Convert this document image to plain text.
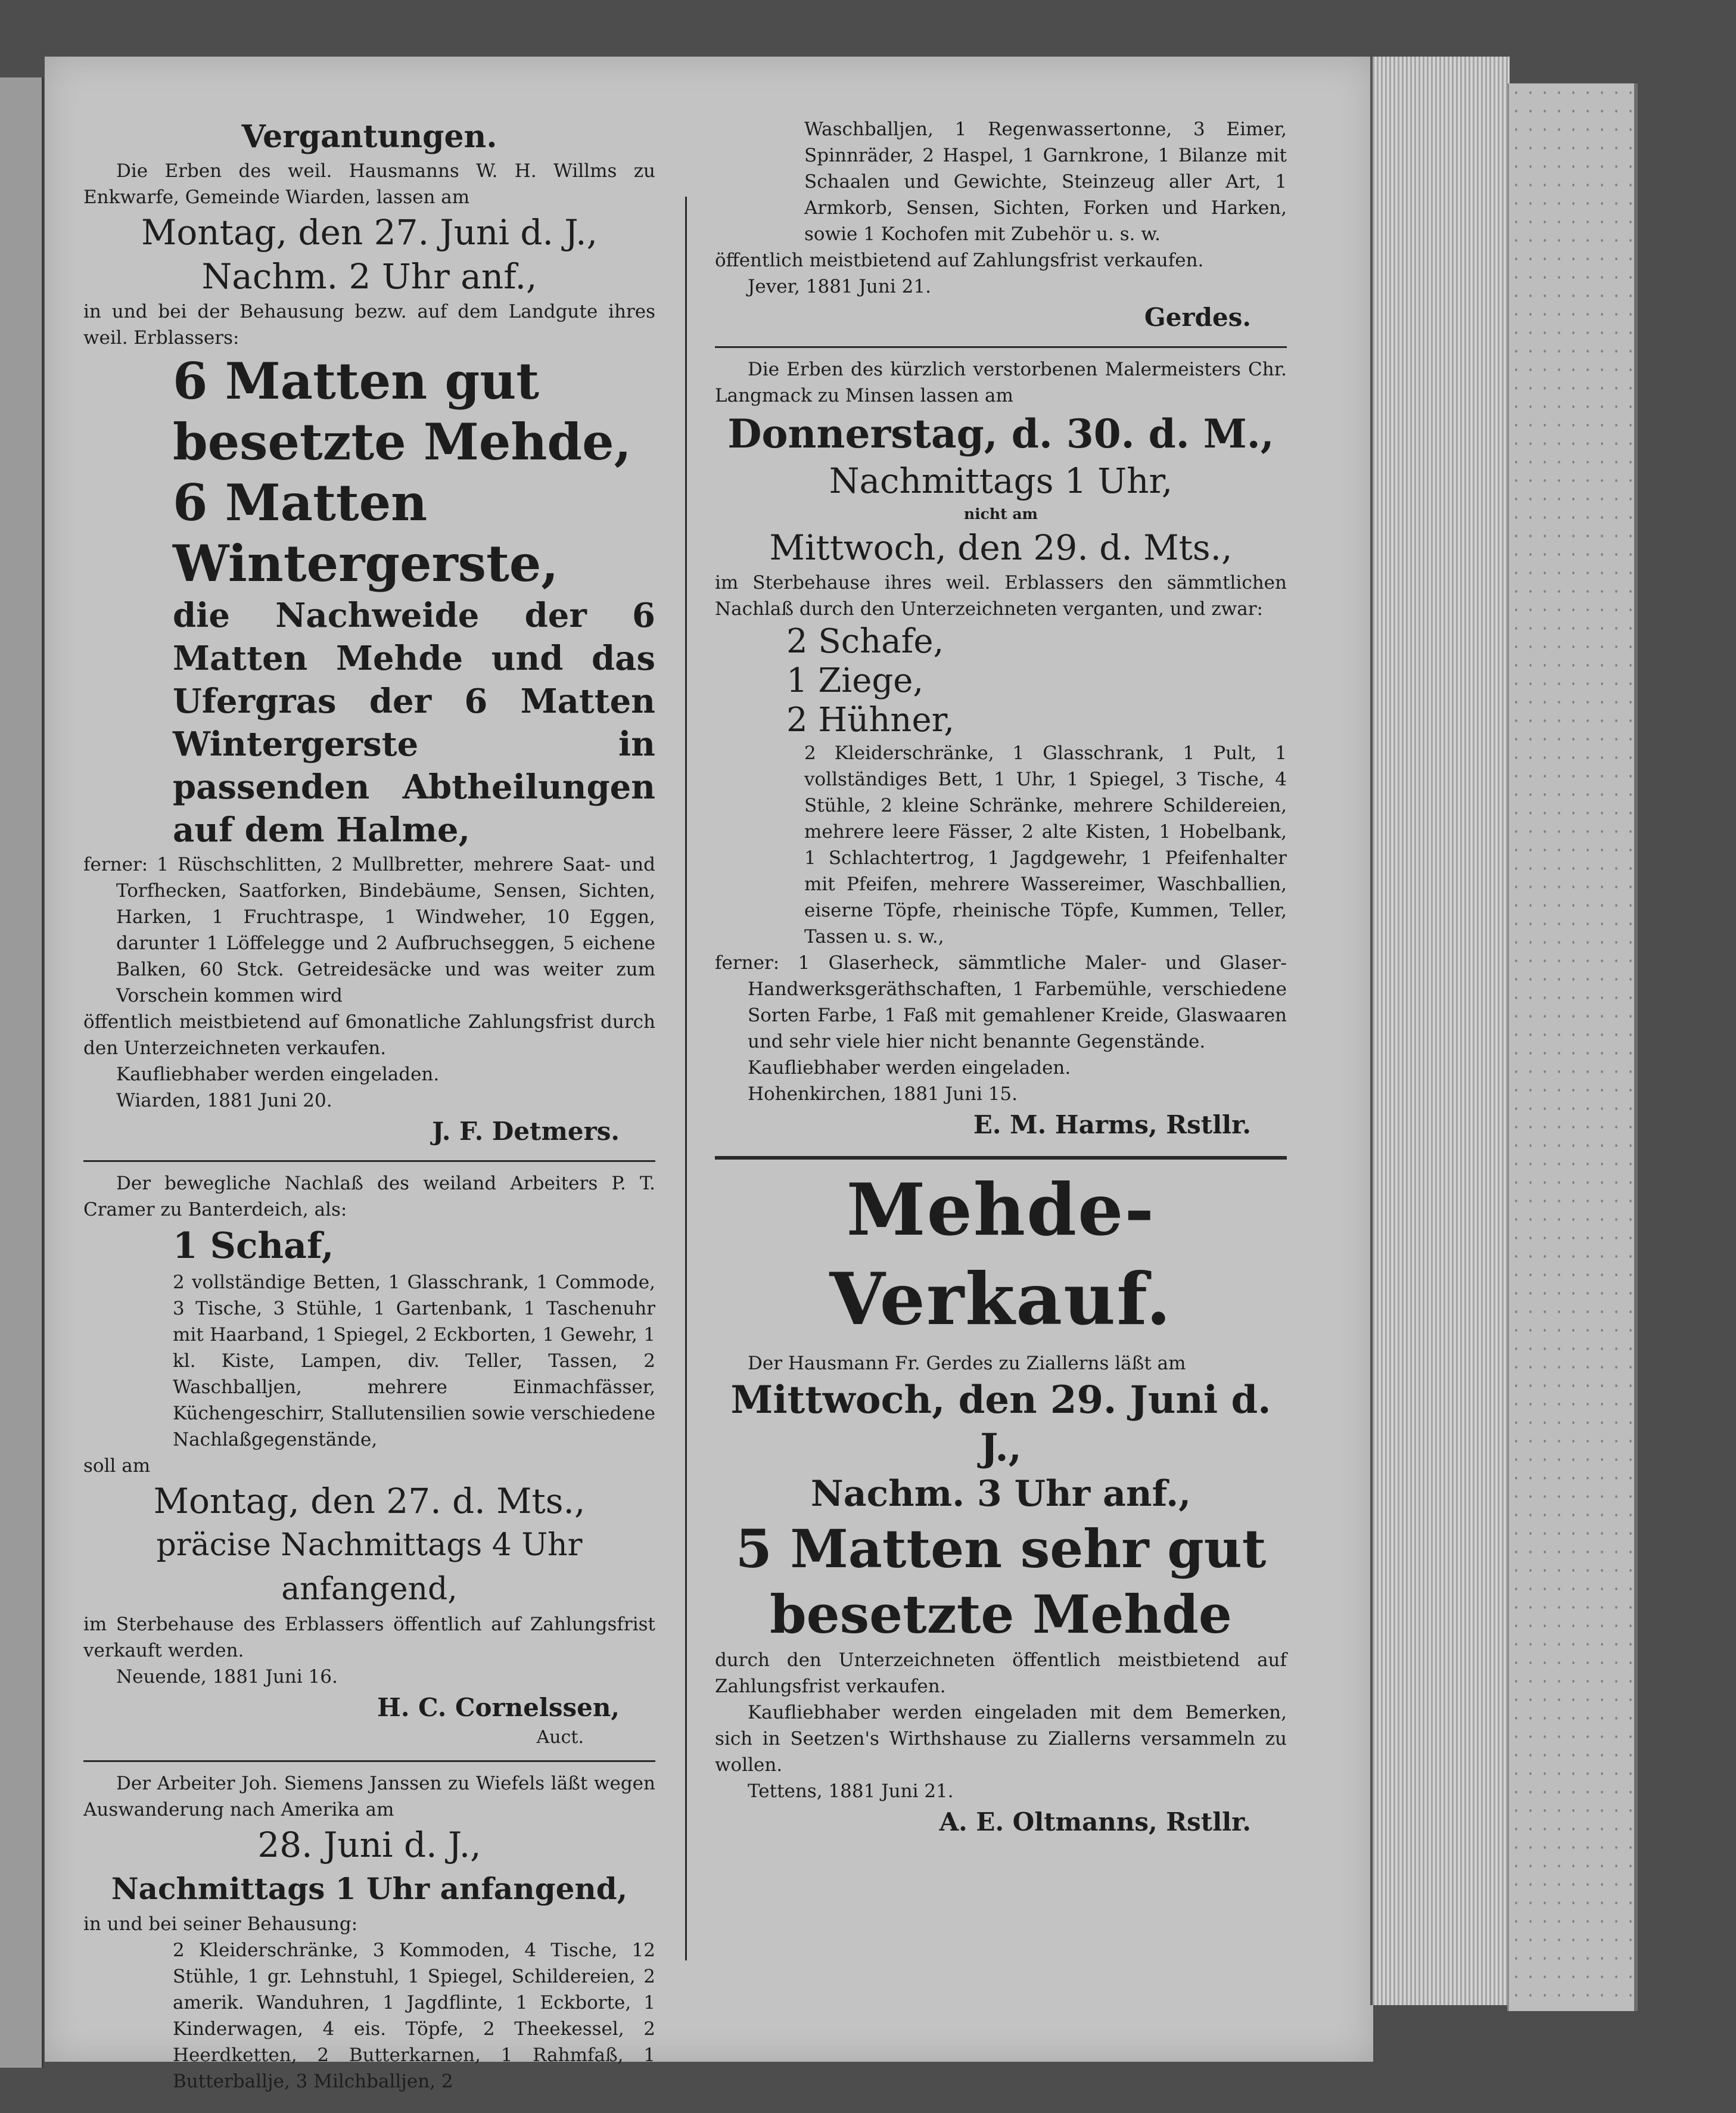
Vergantungen.

Die Erben des weil. Hausmanns W. H. Willms zu Enkwarfe, Gemeinde Wiarden, lassen am

Montag, den 27. Juni d. J.,

Nachm. 2 Uhr anf.,

in und bei der Behausung bezw. auf dem Landgute ihres weil. Erblassers:

6 Matten gut besetzte Mehde,

6 Matten Wintergerste,

die Nachweide der 6 Matten Mehde und das Ufergras der 6 Matten Wintergerste in passenden Abtheilungen auf dem Halme,

ferner: 1 Rüschschlitten, 2 Mullbretter, mehrere Saat- und Torfhecken, Saatforken, Bindebäume, Sensen, Sichten, Harken, 1 Fruchtraspe, 1 Windweher, 10 Eggen, darunter 1 Löffelegge und 2 Aufbruchseggen, 5 eichene Balken, 60 Stck. Getreidesäcke und was weiter zum Vorschein kommen wird

öffentlich meistbietend auf 6monatliche Zahlungsfrist durch den Unterzeichneten verkaufen.

Kaufliebhaber werden eingeladen.

Wiarden, 1881 Juni 20.

J. F. Detmers.

Der bewegliche Nachlaß des weiland Arbeiters P. T. Cramer zu Banterdeich, als:

1 Schaf,

2 vollständige Betten, 1 Glasschrank, 1 Commode, 3 Tische, 3 Stühle, 1 Gartenbank, 1 Taschenuhr mit Haarband, 1 Spiegel, 2 Eckborten, 1 Gewehr, 1 kl. Kiste, Lampen, div. Teller, Tassen, 2 Waschballjen, mehrere Einmachfässer, Küchengeschirr, Stallutensilien sowie verschiedene Nachlaßgegenstände,

soll am

Montag, den 27. d. Mts.,

präcise Nachmittags 4 Uhr anfangend,

im Sterbehause des Erblassers öffentlich auf Zahlungsfrist verkauft werden.

Neuende, 1881 Juni 16.

H. C. Cornelssen,

Auct.

Der Arbeiter Joh. Siemens Janssen zu Wiefels läßt wegen Auswanderung nach Amerika am

28. Juni d. J.,

Nachmittags 1 Uhr anfangend,

in und bei seiner Behausung:

2 Kleiderschränke, 3 Kommoden, 4 Tische, 12 Stühle, 1 gr. Lehnstuhl, 1 Spiegel, Schildereien, 2 amerik. Wanduhren, 1 Jagdflinte, 1 Eckborte, 1 Kinderwagen, 4 eis. Töpfe, 2 Theekessel, 2 Heerdketten, 2 Butterkarnen, 1 Rahmfaß, 1 Butterballje, 3 Milchballjen, 2

Waschballjen, 1 Regenwassertonne, 3 Eimer, Spinnräder, 2 Haspel, 1 Garnkrone, 1 Bilanze mit Schaalen und Gewichte, Steinzeug aller Art, 1 Armkorb, Sensen, Sichten, Forken und Harken, sowie 1 Kochofen mit Zubehör u. s. w.

öffentlich meistbietend auf Zahlungsfrist verkaufen.

Jever, 1881 Juni 21.

Gerdes.

Die Erben des kürzlich verstorbenen Malermeisters Chr. Langmack zu Minsen lassen am

Donnerstag, d. 30. d. M.,

Nachmittags 1 Uhr,

nicht am

Mittwoch, den 29. d. Mts.,

im Sterbehause ihres weil. Erblassers den sämmtlichen Nachlaß durch den Unterzeichneten verganten, und zwar:

2 Schafe,

1 Ziege,

2 Hühner,

2 Kleiderschränke, 1 Glasschrank, 1 Pult, 1 vollständiges Bett, 1 Uhr, 1 Spiegel, 3 Tische, 4 Stühle, 2 kleine Schränke, mehrere Schildereien, mehrere leere Fässer, 2 alte Kisten, 1 Hobelbank, 1 Schlachtertrog, 1 Jagdgewehr, 1 Pfeifenhalter mit Pfeifen, mehrere Wassereimer, Waschballien, eiserne Töpfe, rheinische Töpfe, Kummen, Teller, Tassen u. s. w.,

ferner: 1 Glaserheck, sämmtliche Maler- und Glaser-Handwerksgeräthschaften, 1 Farbemühle, verschiedene Sorten Farbe, 1 Faß mit gemahlener Kreide, Glaswaaren und sehr viele hier nicht benannte Gegenstände.

Kaufliebhaber werden eingeladen.

Hohenkirchen, 1881 Juni 15.

E. M. Harms, Rstllr.

Mehde-Verkauf.

Der Hausmann Fr. Gerdes zu Ziallerns läßt am

Mittwoch, den 29. Juni d. J.,

Nachm. 3 Uhr anf.,

5 Matten sehr gut besetzte Mehde

durch den Unterzeichneten öffentlich meistbietend auf Zahlungsfrist verkaufen.

Kaufliebhaber werden eingeladen mit dem Bemerken, sich in Seetzen's Wirthshause zu Ziallerns versammeln zu wollen.

Tettens, 1881 Juni 21.

A. E. Oltmanns, Rstllr.
